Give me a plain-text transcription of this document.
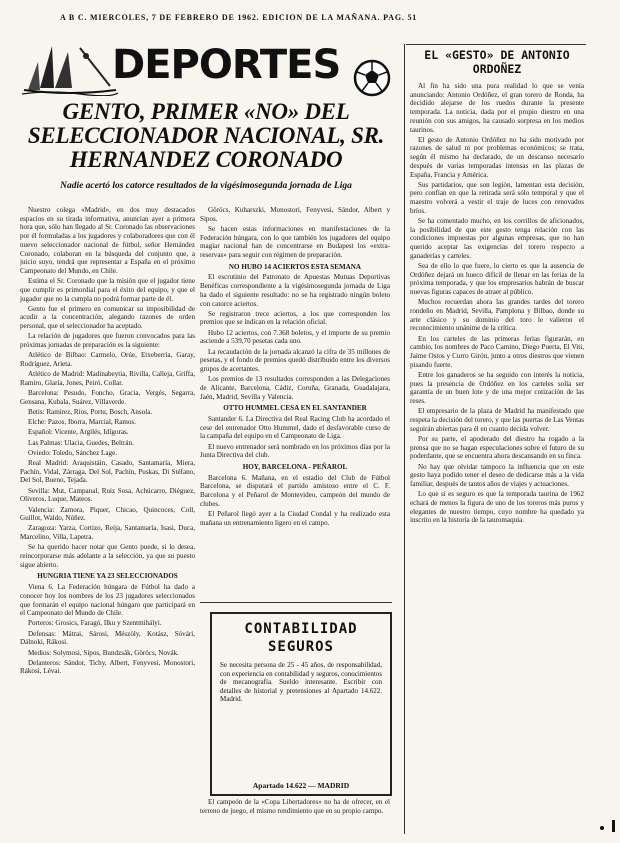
A B C. MIERCOLES, 7 DE FEBRERO DE 1962. EDICION DE LA MAÑANA. PAG. 51
DEPORTES
GENTO, PRIMER «NO» DEL SELECCIONADOR NACIONAL, SR. HERNANDEZ CORONADO
Nadie acertó los catorce resultados de la vigésimosegunda jornada de Liga

Nuestro colega «Madrid», en dos muy destacados espacios en su tirada informativa, anuncian ayer a primera hora que, sólo han llegado al Sr. Coronado las observaciones por él formuladas a los jugadores y colaboradores que con él nuevo seleccionador nacional de fútbol, señor Hernández Coronado, colaboran en la búsqueda del conjunto que, a juicio suyo, tendrá que representar a España en el próximo Campeonato del Mundo, en Chile.

Estima el Sr. Coronado que la misión que el jugador tiene que cumplir es primordial para el éxito del equipo, y que el jugador que no la cumpla no podrá formar parte de él.

Gento fue el primero en comunicar su imposibilidad de acudir a la concentración, alegando razones de orden personal, que el seleccionador ha aceptado.

La relación de jugadores que fueron convocados para las próximas jornadas de preparación es la siguiente:

Atlético de Bilbao: Carmelo, Orúe, Etxeberría, Garay, Rodríguez, Arieta.

Atlético de Madrid: Madinabeytia, Rivilla, Calleja, Griffa, Ramiro, Glaría, Jones, Peiró, Collar.

Barcelona: Pesudo, Foncho, Gracia, Vergés, Segarra, Gensana, Kubala, Suárez, Villaverde.

Betis: Ramírez, Ríos, Portu, Bosch, Ansola.

Elche: Pazos, Iborra, Marcial, Ramos.

Español: Vicente, Argilés, Idígoras.

Las Palmas: Ulacia, Guedes, Beltrán.

Oviedo: Toledo, Sánchez Lage.

Real Madrid: Araquistáin, Casado, Santamaría, Miera, Pachín, Vidal, Zárraga, Del Sol, Pachín, Puskas, Di Stéfano, Del Sol, Bueno, Tejada.

Sevilla: Mut, Campanal, Ruiz Sosa, Achúcarro, Diéguez, Oliveros, Luque, Mateos.

Valencia: Zamora, Piquer, Chicao, Quincoces, Coll, Guillot, Waldo, Núñez.

Zaragoza: Yarza, Cortizo, Reija, Santamaría, Isasi, Duca, Marcelino, Villa, Lapetra.

Se ha querido hacer notar que Gento puede, si lo desea, reincorporarse más adelante a la selección, ya que su puesto sigue abierto.

HUNGRIA TIENE YA 23 SELECCIONADOS

Viena 6. La Federación húngara de Fútbol ha dado a conocer hoy los nombres de los 23 jugadores seleccionados que formarán el equipo nacional húngaro que participará en el Campeonato del Mundo de Chile.

Porteros: Grosics, Faragó, Ilku y Szentmihályi.

Defensas: Mátrai, Sárosi, Mészöly, Kotász, Sóvári, Dálnoki, Rákosi.

Medios: Solymosi, Sipos, Bundzsák, Göröcs, Novák.

Delanteros: Sándor, Tichy, Albert, Fenyvesi, Monostori, Rákosi, Lévai.

Göröcs, Kuharszki, Monostori, Fenyvesi, Sándor, Albert y Sipos.

Se hacen estas informaciones en manifestaciones de la Federación húngara, con lo que también los jugadores del equipo magiar nacional han de concentrarse en Budapest los «extra-reservas» para seguir con régimen de preparación.

NO HUBO 14 ACIERTOS ESTA SEMANA

El escrutinio del Patronato de Apuestas Mutuas Deportivas Benéficas correspondiente a la vigésimosegunda jornada de Liga ha dado el siguiente resultado: no se ha registrado ningún boleto con catorce aciertos.

Se registraron trece aciertos, a los que corresponden los premios que se indican en la relación oficial.

Hubo 12 aciertos, con 7.368 boletos, y el importe de su premio asciende a 539,70 pesetas cada uno.

La recaudación de la jornada alcanzó la cifra de 35 millones de pesetas, y el fondo de premios quedó distribuido entre los diversos grupos de acertantes.

Los premios de 13 resultados corresponden a las Delegaciones de Alicante, Barcelona, Cádiz, Coruña, Granada, Guadalajara, Jaén, Madrid, Sevilla y Valencia.

OTTO HUMMEL CESA EN EL SANTANDER

Santander 6. La Directiva del Real Racing Club ha acordado el cese del entrenador Otto Hummel, dado el desfavorable curso de la campaña del equipo en el Campeonato de Liga.

El nuevo entrenador será nombrado en los próximos días por la Junta Directiva del club.

HOY, BARCELONA - PEÑAROL

Barcelona 6. Mañana, en el estadio del Club de Fútbol Barcelona, se disputará el partido amistoso entre el C. F. Barcelona y el Peñarol de Montevideo, campeón del mundo de clubes.

El Peñarol llegó ayer a la Ciudad Condal y ha realizado esta mañana un entrenamiento ligero en el campo.

CONTABILIDAD
SEGUROS
Se necesita persona de 25 - 45 años, de responsabilidad, con experiencia en contabilidad y seguros, conocimientos de mecanografía. Sueldo interesante. Escribir con detalles de historial y pretensiones al Apartado 14.622. Madrid.
Apartado 14.622 — MADRID

El campeón de la «Copa Libertadores» no ha de ofrecer, en el terreno de juego, el mismo rendimiento que en su propio campo.

EL «GESTO» DE ANTONIO ORDOÑEZ

Al fin ha sido una pura realidad lo que se venía anunciando: Antonio Ordóñez, el gran torero de Ronda, ha decidido alejarse de los ruedos durante la presente temporada. La noticia, dada por el propio diestro en una reunión con sus amigos, ha causado sorpresa en los medios taurinos.

El gesto de Antonio Ordóñez no ha sido motivado por razones de salud ni por problemas económicos; se trata, según él mismo ha declarado, de un descanso necesario después de varias temporadas intensas en las plazas de España, Francia y América.

Sus partidarios, que son legión, lamentan esta decisión, pero confían en que la retirada será sólo temporal y que el maestro volverá a vestir el traje de luces con renovados bríos.

Se ha comentado mucho, en los corrillos de aficionados, la posibilidad de que este gesto tenga relación con las condiciones impuestas por algunas empresas, que no han querido aceptar las exigencias del torero respecto a ganaderías y carteles.

Sea de ello lo que fuere, lo cierto es que la ausencia de Ordóñez dejará un hueco difícil de llenar en las ferias de la próxima temporada, y que los empresarios habrán de buscar nuevas figuras capaces de atraer al público.

Muchos recuerdan ahora las grandes tardes del torero rondeño en Madrid, Sevilla, Pamplona y Bilbao, donde su arte clásico y su dominio del toro le valieron el reconocimiento unánime de la crítica.

En los carteles de las primeras ferias figurarán, en cambio, los nombres de Paco Camino, Diego Puerta, El Viti, Jaime Ostos y Curro Girón, junto a otros diestros que vienen pisando fuerte.

Entre los ganaderos se ha seguido con interés la noticia, pues la presencia de Ordóñez en los carteles solía ser garantía de un buen lote y de una mejor cotización de las reses.

El empresario de la plaza de Madrid ha manifestado que respeta la decisión del torero, y que las puertas de Las Ventas seguirán abiertas para él en cuanto decida volver.

Por su parte, el apoderado del diestro ha rogado a la prensa que no se hagan especulaciones sobre el futuro de su poderdante, que se encuentra ahora descansando en su finca.

No hay que olvidar tampoco la influencia que en este gesto haya podido tener el deseo de dedicarse más a la vida familiar, después de tantos años de viajes y actuaciones.

Lo que sí es seguro es que la temporada taurina de 1962 echará de menos la figura de uno de los toreros más puros y elegantes de nuestro tiempo, cuyo nombre ha quedado ya inscrito en la historia de la tauromaquia.
